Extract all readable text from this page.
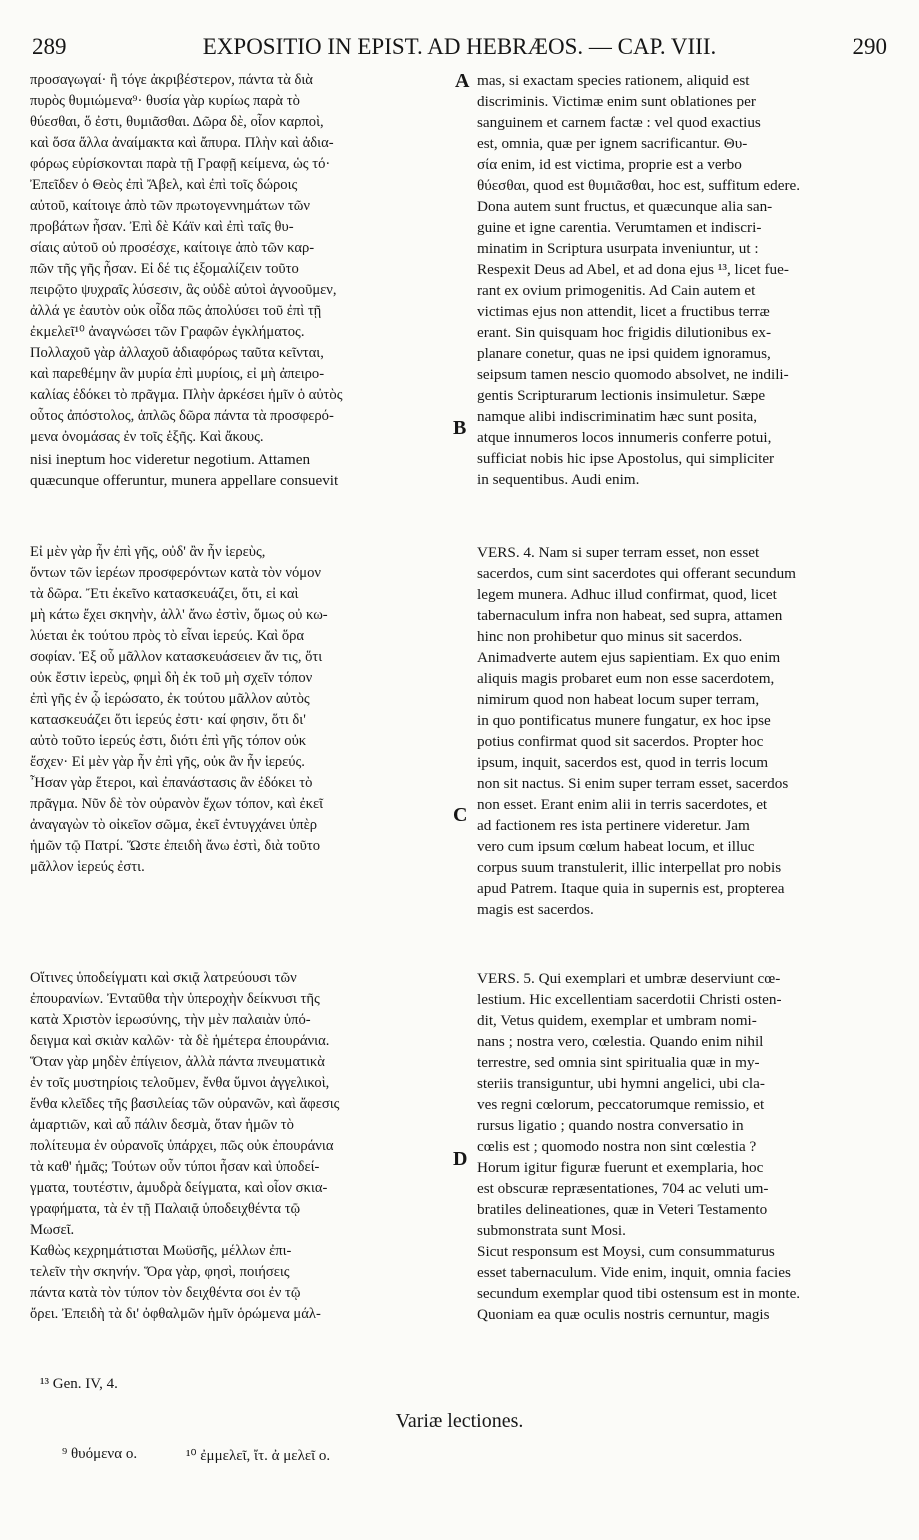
289	EXPOSITIO IN EPIST. AD HEBRÆOS. — CAP. VIII.	290
προσαγωγαί· ἢ τόγε ἀκριβέστερον, πάντα τὰ διὰ
πυρὸς θυμιώμενα⁹· θυσία γὰρ κυρίως παρὰ τὸ
θύεσθαι, ὅ ἐστι, θυμιᾶσθαι. Δῶρα δὲ, οἷον καρποὶ,
καὶ ὅσα ἄλλα ἀναίμακτα καὶ ἄπυρα. Πλὴν καὶ ἀδια-
φόρως εὑρίσκονται παρὰ τῇ Γραφῇ κείμενα, ὡς τό·
Ἐπεῖδεν ὁ Θεὸς ἐπὶ Ἄβελ, καὶ ἐπὶ τοῖς δώροις
αὐτοῦ, καίτοιγε ἀπὸ τῶν πρωτογεννημάτων τῶν
προβάτων ἦσαν. Ἐπὶ δὲ Κάϊν καὶ ἐπὶ ταῖς θυ-
σίαις αὐτοῦ οὐ προσέσχε, καίτοιγε ἀπὸ τῶν καρ-
πῶν τῆς γῆς ἦσαν. Εἰ δέ τις ἐξομαλίζειν τοῦτο
πειρῷτο ψυχραῖς λύσεσιν, ἃς οὐδὲ αὐτοὶ ἀγνοοῦμεν,
ἀλλά γε ἑαυτὸν οὐκ οἶδα πῶς ἀπολύσει τοῦ ἐπὶ τῇ
ἐκμελεῖ¹⁰ ἀναγνώσει τῶν Γραφῶν ἐγκλήματος.
Πολλαχοῦ γὰρ ἀλλαχοῦ ἀδιαφόρως ταῦτα κεῖνται,
καὶ παρεθέμην ἂν μυρία ἐπὶ μυρίοις, εἰ μὴ ἀπειρο-
καλίας ἐδόκει τὸ πρᾶγμα. Πλὴν ἀρκέσει ἡμῖν ὁ αὐτὸς
οὗτος ἀπόστολος, ἁπλῶς δῶρα πάντα τὰ προσφερό-
μενα ὀνομάσας ἐν τοῖς ἑξῆς. Καὶ ἄκους.
nisi ineptum hoc videretur negotium. Attamen
quæcunque offeruntur, munera appellare consuevit
Εἰ μὲν γὰρ ἦν ἐπὶ γῆς, οὐδ' ἂν ἦν ἱερεὺς,
ὄντων τῶν ἱερέων προσφερόντων κατὰ τὸν νόμον
τὰ δῶρα. Ἔτι ἐκεῖνο κατασκευάζει, ὅτι, εἰ καὶ
μὴ κάτω ἔχει σκηνὴν, ἀλλ' ἄνω ἐστὶν, ὅμως οὐ κω-
λύεται ἐκ τούτου πρὸς τὸ εἶναι ἱερεύς. Καὶ ὅρα
σοφίαν. Ἐξ οὗ μᾶλλον κατασκευάσειεν ἄν τις, ὅτι
οὐκ ἔστιν ἱερεὺς, φημὶ δὴ ἐκ τοῦ μὴ σχεῖν τόπον
ἐπὶ γῆς ἐν ᾧ ἱερώσατο, ἐκ τούτου μᾶλλον αὐτὸς
κατασκευάζει ὅτι ἱερεύς ἐστι· καί φησιν, ὅτι δι'
αὐτὸ τοῦτο ἱερεύς ἐστι, διότι ἐπὶ γῆς τόπον οὐκ
ἔσχεν· Εἰ μὲν γὰρ ἦν ἐπὶ γῆς, οὐκ ἂν ἦν ἱερεύς.
Ἦσαν γὰρ ἕτεροι, καὶ ἐπανάστασις ἂν ἐδόκει τὸ
πρᾶγμα. Νῦν δὲ τὸν οὐρανὸν ἔχων τόπον, καὶ ἐκεῖ
ἀναγαγὼν τὸ οἰκεῖον σῶμα, ἐκεῖ ἐντυγχάνει ὑπὲρ
ἡμῶν τῷ Πατρί. Ὥστε ἐπειδὴ ἄνω ἐστὶ, διὰ τοῦτο
μᾶλλον ἱερεύς ἐστι.
Οἵτινες ὑποδείγματι καὶ σκιᾷ λατρεύουσι τῶν
ἐπουρανίων. Ἐνταῦθα τὴν ὑπεροχὴν δείκνυσι τῆς
κατὰ Χριστὸν ἱερωσύνης, τὴν μὲν παλαιὰν ὑπό-
δειγμα καὶ σκιὰν καλῶν· τὰ δὲ ἡμέτερα ἐπουράνια.
Ὅταν γὰρ μηδὲν ἐπίγειον, ἀλλὰ πάντα πνευματικὰ
ἐν τοῖς μυστηρίοις τελοῦμεν, ἔνθα ὕμνοι ἀγγελικοὶ,
ἔνθα κλεῖδες τῆς βασιλείας τῶν οὐρανῶν, καὶ ἄφεσις
ἁμαρτιῶν, καὶ αὖ πάλιν δεσμὰ, ὅταν ἡμῶν τὸ
πολίτευμα ἐν οὐρανοῖς ὑπάρχει, πῶς οὐκ ἐπουράνια
τὰ καθ' ἡμᾶς; Τούτων οὖν τύποι ἦσαν καὶ ὑποδεί-
γματα, τουτέστιν, ἀμυδρὰ δείγματα, καὶ οἷον σκια-
γραφήματα, τὰ ἐν τῇ Παλαιᾷ ὑποδειχθέντα τῷ
Μωσεῖ.
Καθὼς κεχρημάτισται Μωϋσῆς, μέλλων ἐπι-
τελεῖν τὴν σκηνήν. Ὅρα γὰρ, φησὶ, ποιήσεις
πάντα κατὰ τὸν τύπον τὸν δειχθέντα σοι ἐν τῷ
ὄρει. Ἐπειδὴ τὰ δι' ὀφθαλμῶν ἡμῖν ὁρώμενα μάλ-
mas, si exactam species rationem, aliquid est
discriminis. Victimæ enim sunt oblationes per
sanguinem et carnem factæ : vel quod exactius
est, omnia, quæ per ignem sacrificantur. Θυ-
σία enim, id est victima, proprie est a verbo
θύεσθαι, quod est θυμιᾶσθαι, hoc est, suffitum edere.
Dona autem sunt fructus, et quæcunque alia san-
guine et igne carentia. Verumtamen et indiscri-
minatim in Scriptura usurpata inveniuntur, ut :
Respexit Deus ad Abel, et ad dona ejus ¹³, licet fue-
rant ex ovium primogenitis. Ad Cain autem et
victimas ejus non attendit, licet a fructibus terræ
erant. Sin quisquam hoc frigidis dilutionibus ex-
planare conetur, quas ne ipsi quidem ignoramus,
seipsum tamen nescio quomodo absolvet, ne indili-
gentis Scripturarum lectionis insimuletur. Sæpe
namque alibi indiscriminatim hæc sunt posita,
atque innumeros locos innumeris conferre potui,
sufficiat nobis hic ipse Apostolus, qui simpliciter
in sequentibus. Audi enim.
VERS. 4. Nam si super terram esset, non esset
sacerdos, cum sint sacerdotes qui offerant secundum
legem munera. Adhuc illud confirmat, quod, licet
tabernaculum infra non habeat, sed supra, attamen
hinc non prohibetur quo minus sit sacerdos.
Animadverte autem ejus sapientiam. Ex quo enim
aliquis magis probaret eum non esse sacerdotem,
nimirum quod non habeat locum super terram,
in quo pontificatus munere fungatur, ex hoc ipse
potius confirmat quod sit sacerdos. Propter hoc
ipsum, inquit, sacerdos est, quod in terris locum
non sit nactus. Si enim super terram esset, sacerdos
non esset. Erant enim alii in terris sacerdotes, et
ad factionem res ista pertinere videretur. Jam
vero cum ipsum cœlum habeat locum, et illuc
corpus suum transtulerit, illic interpellat pro nobis
apud Patrem. Itaque quia in supernis est, propterea
magis est sacerdos.
VERS. 5. Qui exemplari et umbræ deserviunt cœ-
lestium. Hic excellentiam sacerdotii Christi osten-
dit, Vetus quidem, exemplar et umbram nomi-
nans ; nostra vero, cœlestia. Quando enim nihil
terrestre, sed omnia sint spiritualia quæ in my-
steriis transiguntur, ubi hymni angelici, ubi cla-
ves regni cœlorum, peccatorumque remissio, et
rursus ligatio ; quando nostra conversatio in
cœlis est ; quomodo nostra non sint cœlestia ?
Horum igitur figuræ fuerunt et exemplaria, hoc
est obscuræ repræsentationes, 704 ac veluti um-
bratiles delineationes, quæ in Veteri Testamento
submonstrata sunt Mosi.
Sicut responsum est Moysi, cum consummaturus
esset tabernaculum. Vide enim, inquit, omnia facies
secundum exemplar quod tibi ostensum est in monte.
Quoniam ea quæ oculis nostris cernuntur, magis
A
B
C
D
¹³ Gen. IV, 4.
Variæ lectiones.
⁹ θυόμενα ο.	¹⁰ ἐμμελεῖ, ἴτ. ἀ μελεῖ ο.
